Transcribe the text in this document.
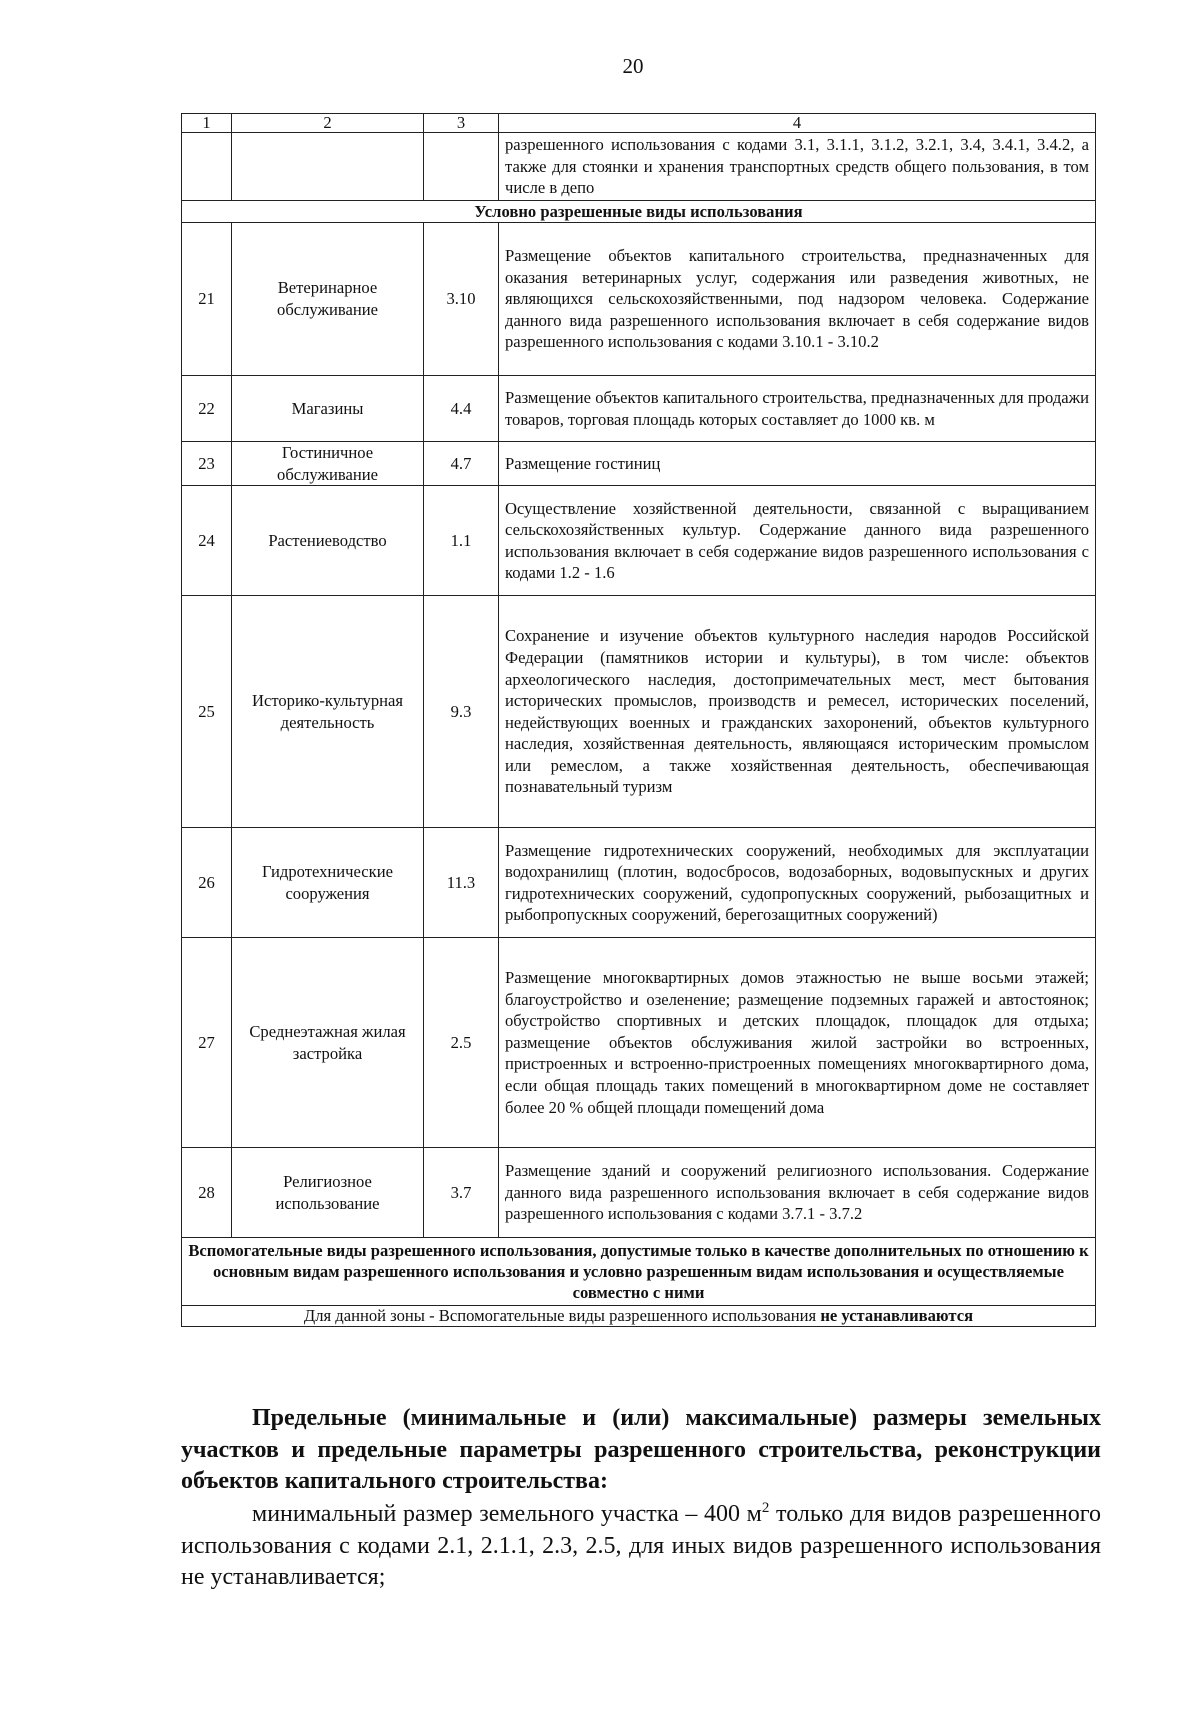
20
1	2	3	4
			разрешенного использования с кодами 3.1, 3.1.1, 3.1.2, 3.2.1, 3.4, 3.4.1, 3.4.2, а также для стоянки и хранения транспортных средств общего пользования, в том числе в депо
Условно разрешенные виды использования			
21	Ветеринарное обслуживание	3.10	Размещение объектов капитального строительства, предназначенных для оказания ветеринарных услуг, содержания или разведения животных, не являющихся сельскохозяйственными, под надзором человека. Содержание данного вида разрешенного использования включает в себя содержание видов разрешенного использования с кодами 3.10.1 - 3.10.2
22	Магазины	4.4	Размещение объектов капитального строительства, предназначенных для продажи товаров, торговая площадь которых составляет до 1000 кв. м
23	Гостиничное обслуживание	4.7	Размещение гостиниц
24	Растениеводство	1.1	Осуществление хозяйственной деятельности, связанной с выращиванием сельскохозяйственных культур. Содержание данного вида разрешенного использования включает в себя содержание видов разрешенного использования с кодами 1.2 - 1.6
25	Историко-культурная деятельность	9.3	Сохранение и изучение объектов культурного наследия народов Российской Федерации (памятников истории и культуры), в том числе: объектов археологического наследия, достопримечательных мест, мест бытования исторических промыслов, производств и ремесел, исторических поселений, недействующих военных и гражданских захоронений, объектов культурного наследия, хозяйственная деятельность, являющаяся историческим промыслом или ремеслом, а также хозяйственная деятельность, обеспечивающая познавательный туризм
26	Гидротехнические сооружения	11.3	Размещение гидротехнических сооружений, необходимых для эксплуатации водохранилищ (плотин, водосбросов, водозаборных, водовыпускных и других гидротехнических сооружений, судопропускных сооружений, рыбозащитных и рыбопропускных сооружений, берегозащитных сооружений)
27	Среднеэтажная жилая застройка	2.5	Размещение многоквартирных домов этажностью не выше восьми этажей; благоустройство и озеленение; размещение подземных гаражей и автостоянок; обустройство спортивных и детских площадок, площадок для отдыха; размещение объектов обслуживания жилой застройки во встроенных, пристроенных и встроенно-пристроенных помещениях многоквартирного дома, если общая площадь таких помещений в многоквартирном доме не составляет более 20 % общей площади помещений дома
28	Религиозное использование	3.7	Размещение зданий и сооружений религиозного использования. Содержание данного вида разрешенного использования включает в себя содержание видов разрешенного использования с кодами 3.7.1 - 3.7.2
Вспомогательные виды разрешенного использования, допустимые только в качестве дополнительных по отношению к основным видам разрешенного использования и условно разрешенным видам использования и осуществляемые совместно с ними			
Для данной зоны - Вспомогательные виды разрешенного использования не устанавливаются			
Предельные (минимальные и (или) максимальные) размеры земельных участков и предельные параметры разрешенного строительства, реконструкции объектов капитального строительства:
минимальный размер земельного участка – 400 $м^2$ только для видов разрешенного использования с кодами 2.1, 2.1.1, 2.3, 2.5, для иных видов разрешенного использования не устанавливается;
